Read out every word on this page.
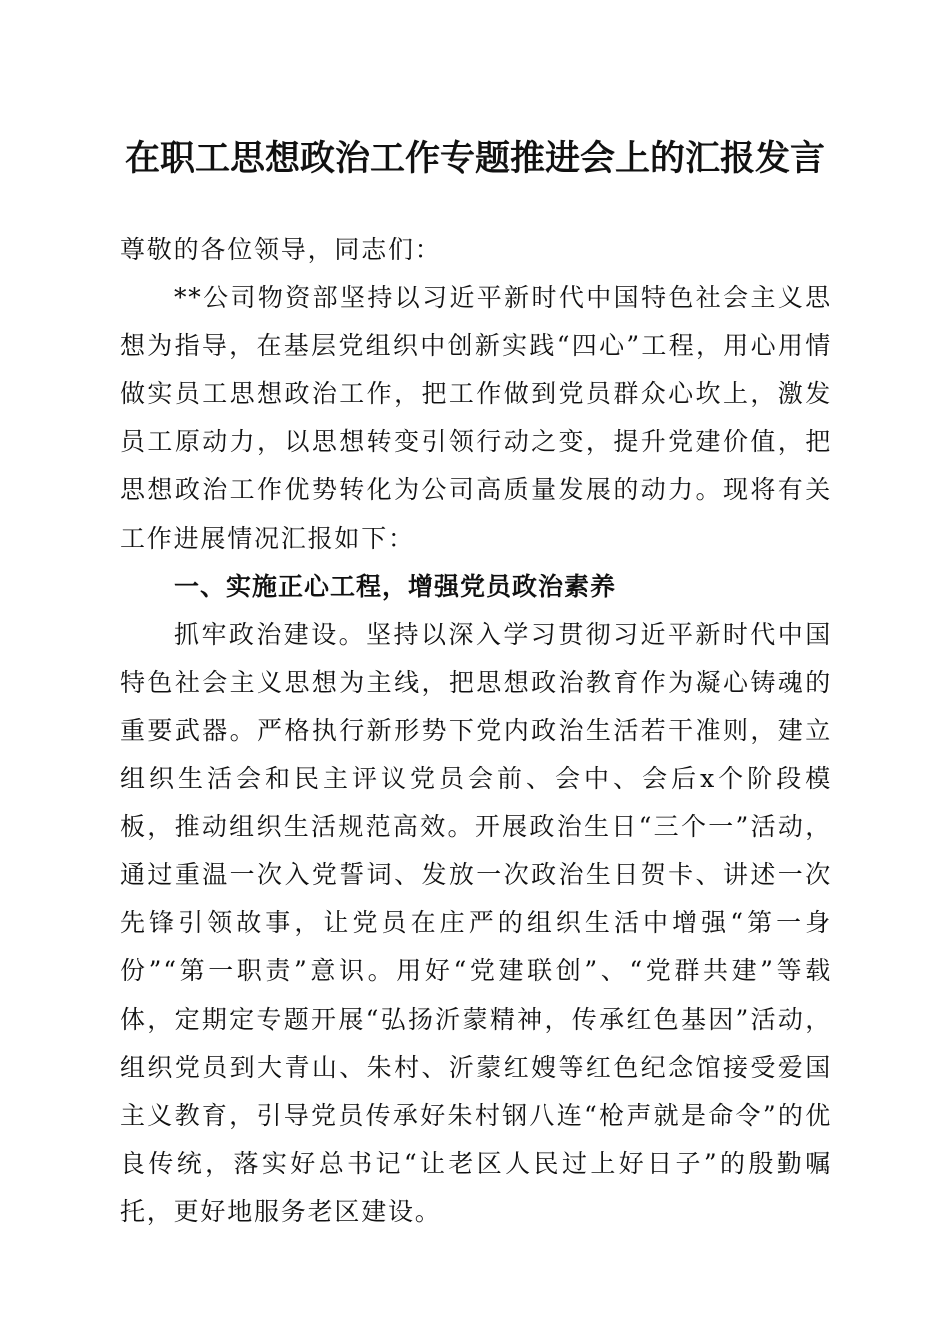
在职工思想政治工作专题推进会上的汇报发言

尊敬的各位领导，同志们：

**公司物资部坚持以习近平新时代中国特色社会主义思想为指导，在基层党组织中创新实践“四心”工程，用心用情做实员工思想政治工作，把工作做到党员群众心坎上，激发员工原动力，以思想转变引领行动之变，提升党建价值，把思想政治工作优势转化为公司高质量发展的动力。现将有关工作进展情况汇报如下：

一、实施正心工程，增强党员政治素养

抓牢政治建设。坚持以深入学习贯彻习近平新时代中国特色社会主义思想为主线，把思想政治教育作为凝心铸魂的重要武器。严格执行新形势下党内政治生活若干准则，建立组织生活会和民主评议党员会前、会中、会后x个阶段模板，推动组织生活规范高效。开展政治生日“三个一”活动，通过重温一次入党誓词、发放一次政治生日贺卡、讲述一次先锋引领故事，让党员在庄严的组织生活中增强“第一身份”“第一职责”意识。用好“党建联创”、“党群共建”等载体，定期定专题开展“弘扬沂蒙精神，传承红色基因”活动，组织党员到大青山、朱村、沂蒙红嫂等红色纪念馆接受爱国主义教育，引导党员传承好朱村钢八连“枪声就是命令”的优良传统，落实好总书记“让老区人民过上好日子”的殷勤嘱托，更好地服务老区建设。
